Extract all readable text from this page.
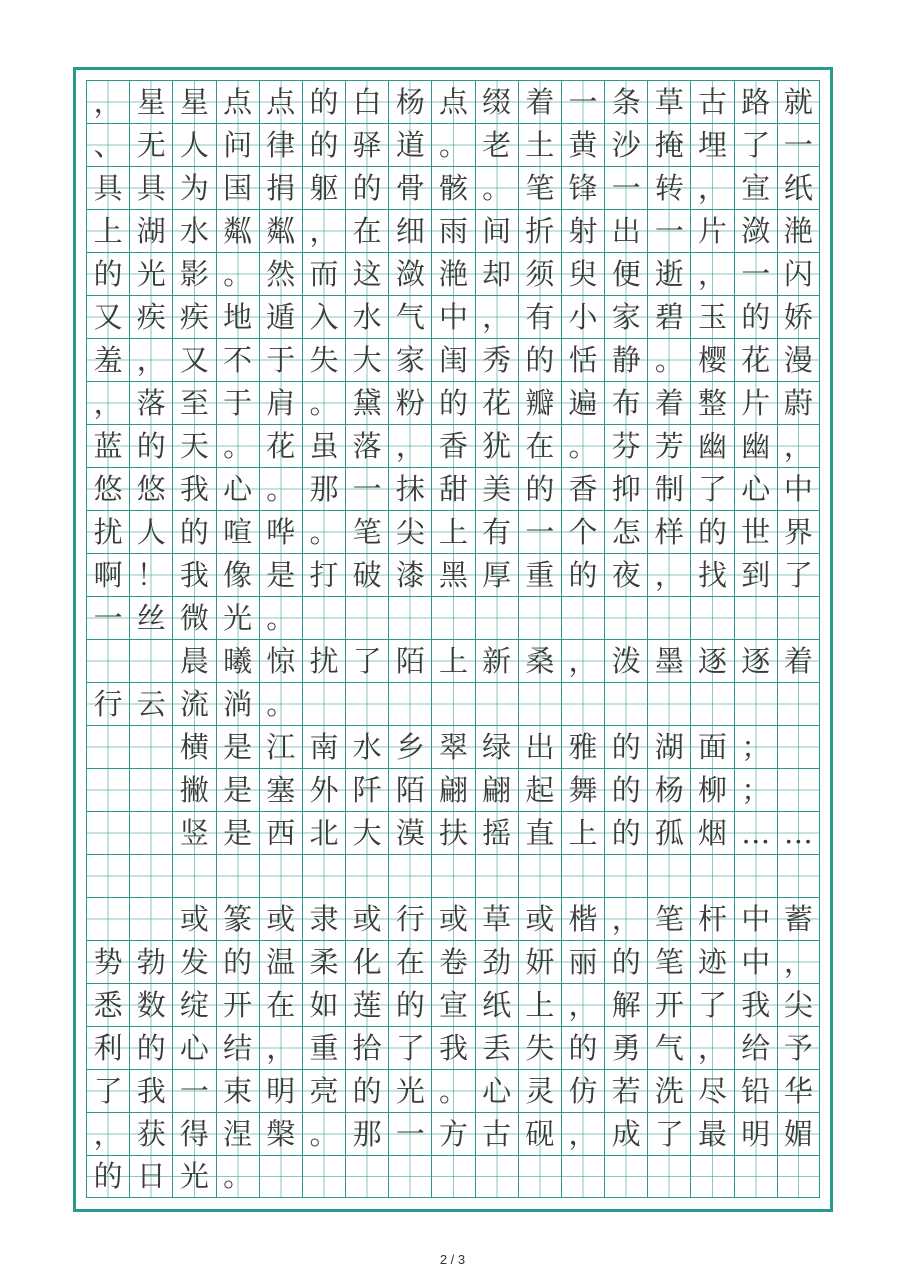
， 星 星 点 点 的 白 杨 点 缀 着 一 条 草 古 路 就
、 无 人 问 律 的 驿 道 。 老 土 黄 沙 掩 埋 了 一
具 具 为 国 捐 躯 的 骨 骸 。 笔 锋 一 转 ， 宣 纸
上 湖 水 粼 粼 ， 在 细 雨 间 折 射 出 一 片 潋 滟
的 光 影 。 然 而 这 潋 滟 却 须 臾 便 逝 ， 一 闪
又 疾 疾 地 遁 入 水 气 中 ， 有 小 家 碧 玉 的 娇
羞 ， 又 不 于 失 大 家 闺 秀 的 恬 静 。 樱 花 漫
， 落 至 于 肩 。 黛 粉 的 花 瓣 遍 布 着 整 片 蔚
蓝 的 天 。 花 虽 落 ， 香 犹 在 。 芬 芳 幽 幽 ，
悠 悠 我 心 。 那 一 抹 甜 美 的 香 抑 制 了 心 中
扰 人 的 喧 哗 。 笔 尖 上 有 一 个 怎 样 的 世 界
啊 ！ 我 像 是 打 破 漆 黑 厚 重 的 夜 ， 找 到 了
一 丝 微 光 。
晨 曦 惊 扰 了 陌 上 新 桑 ， 泼 墨 逐 逐 着
行 云 流 淌 。
横 是 江 南 水 乡 翠 绿 出 雅 的 湖 面 ；
撇 是 塞 外 阡 陌 翩 翩 起 舞 的 杨 柳 ；
竖 是 西 北 大 漠 扶 摇 直 上 的 孤 烟 … …
或 篆 或 隶 或 行 或 草 或 楷 ， 笔 杆 中 蓄
势 勃 发 的 温 柔 化 在 卷 劲 妍 丽 的 笔 迹 中 ，
悉 数 绽 开 在 如 莲 的 宣 纸 上 ， 解 开 了 我 尖
利 的 心 结 ， 重 拾 了 我 丢 失 的 勇 气 ， 给 予
了 我 一 束 明 亮 的 光 。 心 灵 仿 若 洗 尽 铅 华
， 获 得 涅 槃 。 那 一 方 古 砚 ， 成 了 最 明 媚
的 日 光 。
2 / 3
